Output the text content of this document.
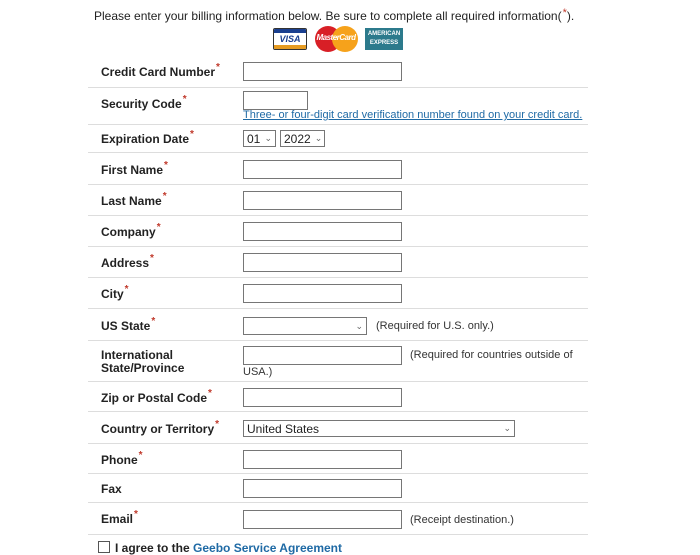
Please enter your billing information below. Be sure to complete all required information(*).
VISA	MasterCard	AMERICAN
EXPRESS
Credit Card Number*
Security Code*
Three- or four-digit card verification number found on your credit card.
Expiration Date*	01 ⌄ 2022 ⌄
First Name*
Last Name*
Company*
Address*
City*
US State*	⌄ (Required for U.S. only.)
International
State/Province
(Required for countries outside of
USA.)
Zip or Postal Code*
Country or Territory* United States	⌄
Phone*
Fax
Email*	(Receipt destination.)
I agree to the Geebo Service Agreement
